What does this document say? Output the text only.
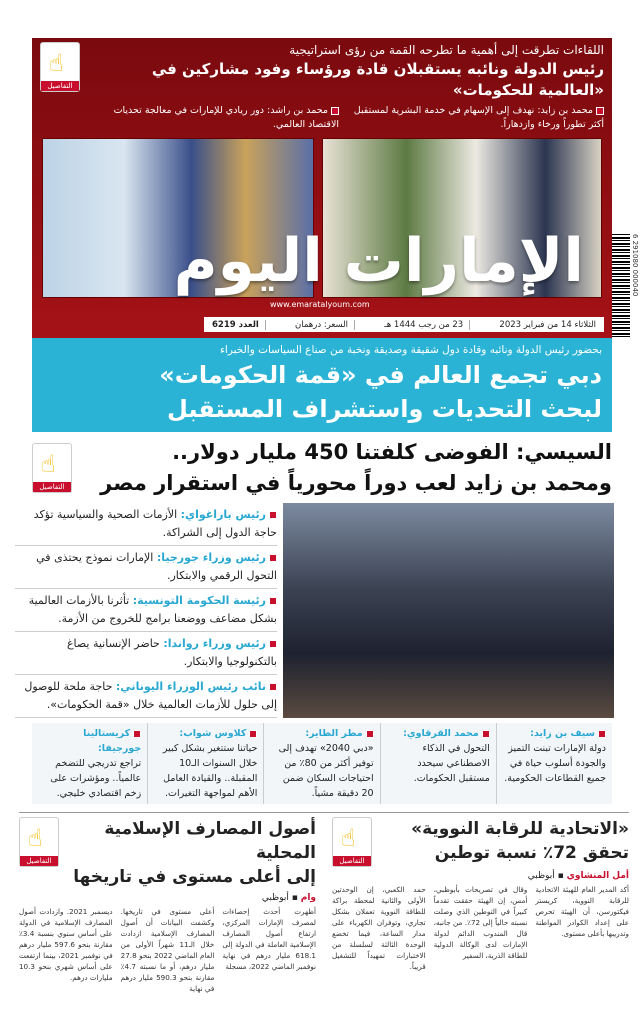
اللقاءات تطرقت إلى أهمية ما تطرحه القمة من رؤى استراتيجية
رئيس الدولة ونائبه يستقبلان قادة ورؤساء وفود مشاركين في «العالمية للحكومات»
محمد بن زايد: نهدف إلى الإسهام في خدمة البشرية لمستقبل أكثر تطوراً ورخاء وازدهاراً.
محمد بن راشد: دور ريادي للإمارات في معالجة تحديات الاقتصاد العالمي.
☝
التفاصيل
الإمارات اليوم
www.emaratalyoum.com
الثلاثاء 14 من فبراير 2023
23 من رجب 1444 هـ
السعر: درهمان
العدد 6219
6 291080 000040
بحضور رئيس الدولة ونائبه وقادة دول شقيقة وصديقة ونخبة من صناع السياسات والخبراء
دبي تجمع العالم في «قمة الحكومات»
لبحث التحديات واستشراف المستقبل
السيسي: الفوضى كلفتنا 450 مليار دولار..
ومحمد بن زايد لعب دوراً محورياً في استقرار مصر
☝
التفاصيل
رئيس باراغواي: الأزمات الصحية والسياسية تؤكد حاجة الدول إلى الشراكة.
رئيس وزراء جورجيا: الإمارات نموذج يحتذى في التحول الرقمي والابتكار.
رئيسة الحكومة التونسية: تأثرنا بالأزمات العالمية بشكل مضاعف ووضعنا برامج للخروج من الأزمة.
رئيس وزراء رواندا: حاضر الإنسانية يصاغ بالتكنولوجيا والابتكار.
نائب رئيس الوزراء اليوناني: حاجة ملحة للوصول إلى حلول للأزمات العالمية خلال «قمة الحكومات».
سيف بن زايد:
دولة الإمارات تبنت التميز والجودة أسلوب حياة في جميع القطاعات الحكومية.
محمد القرقاوي:
التحول في الذكاء الاصطناعي سيحدد مستقبل الحكومات.
مطر الطاير:
«دبي 2040» تهدف إلى توفير أكثر من 80٪ من احتياجات السكان ضمن 20 دقيقة مشياً.
كلاوس شواب:
حياتنا ستتغير بشكل كبير خلال السنوات الـ10 المقبلة.. والقيادة العامل الأهم لمواجهة التغيرات.
كريستالينا جورجيفا:
تراجع تدريجي للتضخم عالمياً.. ومؤشرات على زخم اقتصادي خليجي.
«الاتحادية للرقابة النووية»
تحقق 72٪ نسبة توطين
☝
التفاصيل
أمل المنشاوي ▪ أبوظبي
أكد المدير العام للهيئة الاتحادية للرقابة النووية، كريستر فيكتورسن، أن الهيئة تحرص على إعداد الكوادر المواطنة وتدريبها بأعلى مستوى.
وقال في تصريحات بأبوظبي، أمس، إن الهيئة حققت تقدماً كبيراً في التوطين الذي وصلت نسبته حالياً إلى 72٪. من جانبه، قال المندوب الدائم لدولة الإمارات لدى الوكالة الدولية للطاقة الذرية، السفير
حمد الكعبي، إن الوحدتين الأولى والثانية لمحطة براكة للطاقة النووية تعملان بشكل تجاري، وتوفران الكهرباء على مدار الساعة، فيما تخضع الوحدة الثالثة لسلسلة من الاختبارات تمهيداً للتشغيل قريباً.
أصول المصارف الإسلامية المحلية
إلى أعلى مستوى في تاريخها
☝
التفاصيل
وام ▪ أبوظبي
أظهرت أحدث إحصاءات لمصرف الإمارات المركزي، ارتفاع أصول المصارف الإسلامية العاملة في الدولة إلى 618.1 مليار درهم في نهاية نوفمبر الماضي 2022، مسجلة
أعلى مستوى في تاريخها. وكشفت البيانات أن أصول المصارف الإسلامية ازدادت خلال الـ11 شهراً الأولى من العام الماضي 2022 بنحو 27.8 مليار درهم، أو ما نسبته 4.7٪ مقارنة بنحو 590.3 مليار درهم في نهاية
ديسمبر 2021. وازدادت أصول المصارف الإسلامية في الدولة على أساس سنوي بنسبة 3.4٪ مقارنة بنحو 597.6 مليار درهم في نوفمبر 2021، بينما ارتفعت على أساس شهري بنحو 10.3 مليارات درهم.
